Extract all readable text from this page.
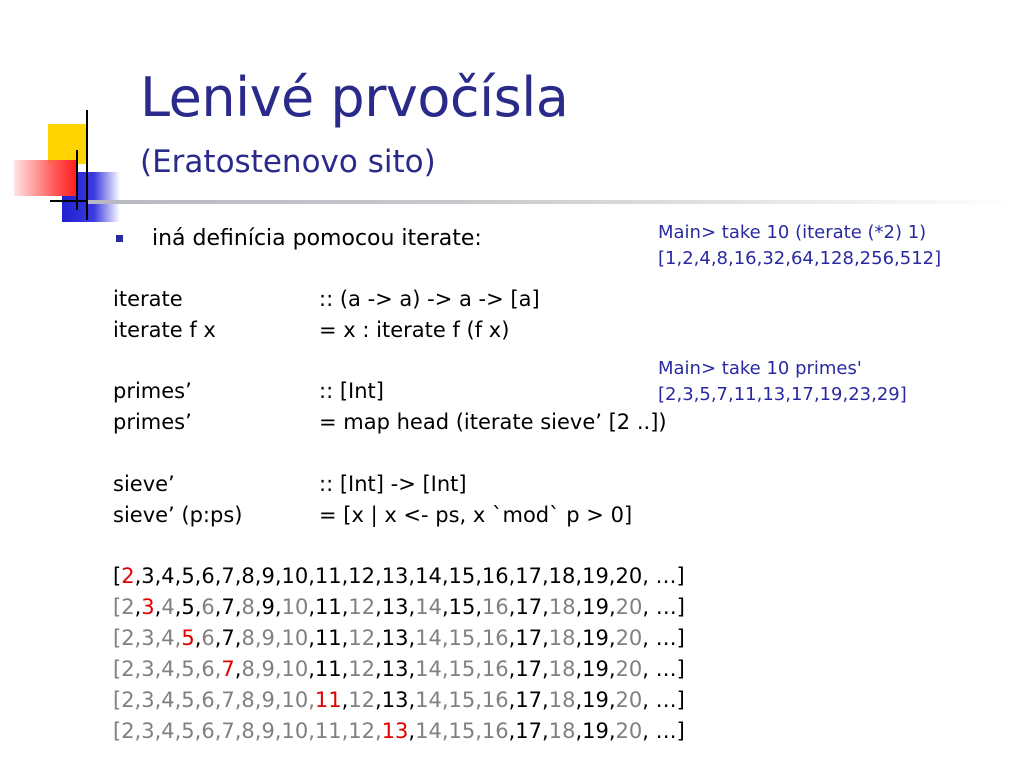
Lenivé prvočísla
(Eratostenovo sito)
iná definícia pomocou iterate:	Main> take 10 (iterate (*2) 1)
[1,2,4,8,16,32,64,128,256,512]
Main> take 10 primes'
[2,3,5,7,11,13,17,19,23,29]
iterate	:: (a -> a) -> a -> [a]
iterate f x	= x : iterate f (f x)
primes’	:: [Int]
primes’	= map head (iterate sieve’ [2 ..])
sieve’	:: [Int] -> [Int]
sieve’ (p:ps)	= [x | x <- ps, x `mod` p > 0]
[2,3,4,5,6,7,8,9,10,11,12,13,14,15,16,17,18,19,20, …]
[2,3,4,5,6,7,8,9,10,11,12,13,14,15,16,17,18,19,20, …]
[2,3,4,5,6,7,8,9,10,11,12,13,14,15,16,17,18,19,20, …]
[2,3,4,5,6,7,8,9,10,11,12,13,14,15,16,17,18,19,20, …]
[2,3,4,5,6,7,8,9,10,11,12,13,14,15,16,17,18,19,20, …]
[2,3,4,5,6,7,8,9,10,11,12,13,14,15,16,17,18,19,20, …]
